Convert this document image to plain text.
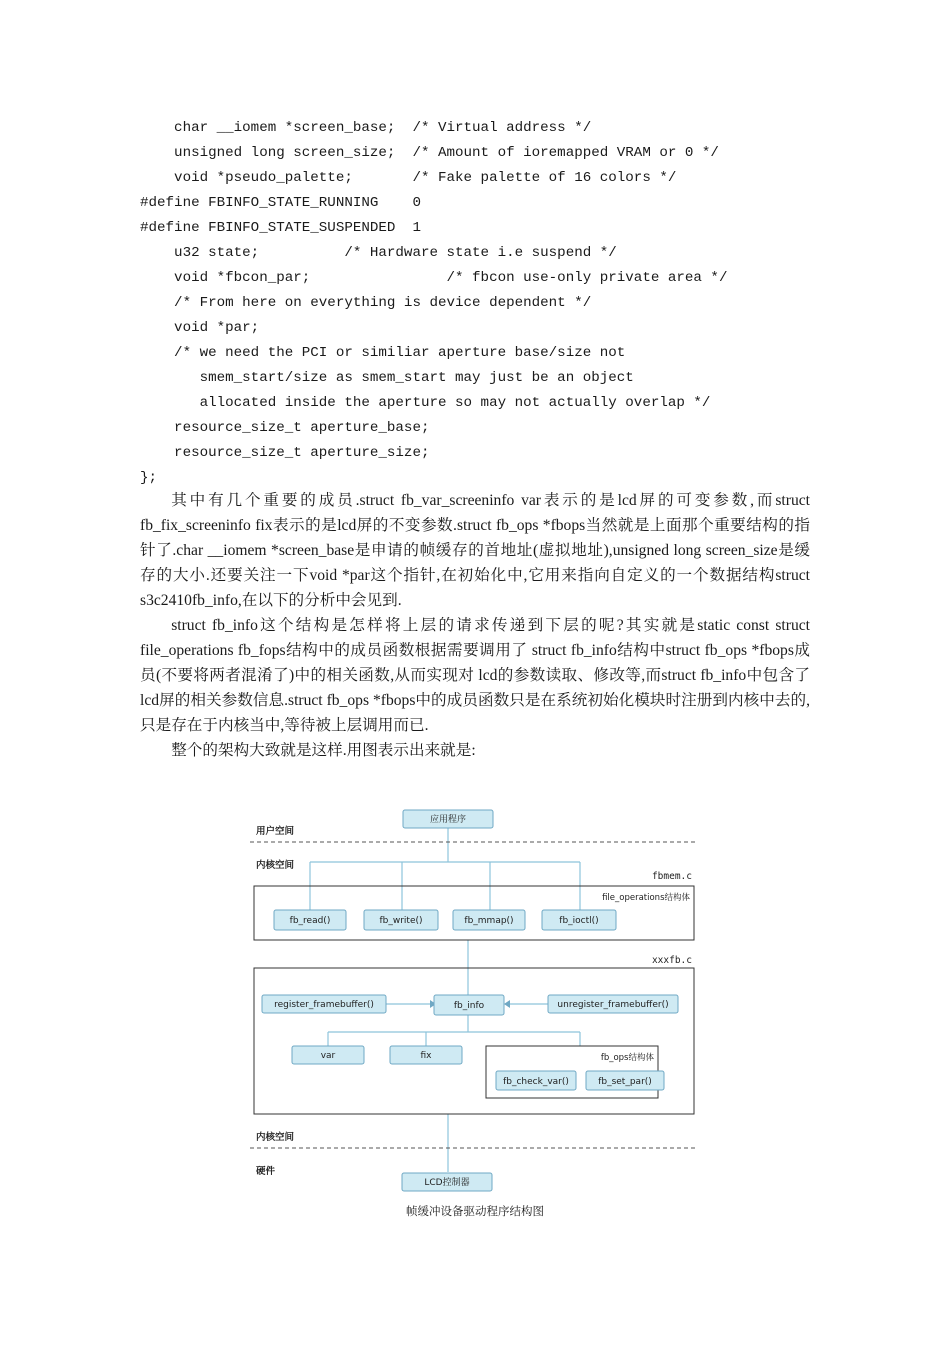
char __iomem *screen_base;  /* Virtual address */
unsigned long screen_size;  /* Amount of ioremapped VRAM or 0 */
void *pseudo_palette;       /* Fake palette of 16 colors */
#define FBINFO_STATE_RUNNING    0
#define FBINFO_STATE_SUSPENDED  1
u32 state;          /* Hardware state i.e suspend */
void *fbcon_par;                /* fbcon use-only private area */
/* From here on everything is device dependent */
void *par;
/* we need the PCI or similiar aperture base/size not
smem_start/size as smem_start may just be an object
allocated inside the aperture so may not actually overlap */
resource_size_t aperture_base;
resource_size_t aperture_size;
};

其中有几个重要的成员.struct fb_var_screeninfo var表示的是lcd屏的可变参数,而struct fb_fix_screeninfo fix表示的是lcd屏的不变参数.struct fb_ops *fbops当然就是上面那个重要结构的指针了.char __iomem *screen_base是申请的帧缓存的首地址(虚拟地址),unsigned long screen_size是缓存的大小.还要关注一下void *par这个指针,在初始化中,它用来指向自定义的一个数据结构struct s3c2410fb_info,在以下的分析中会见到.

struct fb_info这个结构是怎样将上层的请求传递到下层的呢?其实就是static const struct file_operations fb_fops结构中的成员函数根据需要调用了 struct fb_info结构中struct fb_ops *fbops成员(不要将两者混淆了)中的相关函数,从而实现对 lcd的参数读取、修改等,而struct fb_info中包含了 lcd屏的相关参数信息.struct fb_ops *fbops中的成员函数只是在系统初始化模块时注册到内核中去的,只是存在于内核当中,等待被上层调用而已.

整个的架构大致就是这样.用图表示出来就是:

用户空间
内核空间
内核空间
硬件
fbmem.c
file_operations结构体
xxxfb.c
fb_ops结构体
应用程序
fb_read()	fb_write()	fb_mmap()	fb_ioctl()
register_framebuffer()	fb_info	unregister_framebuffer()
var	fix
fb_check_var()	fb_set_par()
LCD控制器
帧缓冲设备驱动程序结构图
